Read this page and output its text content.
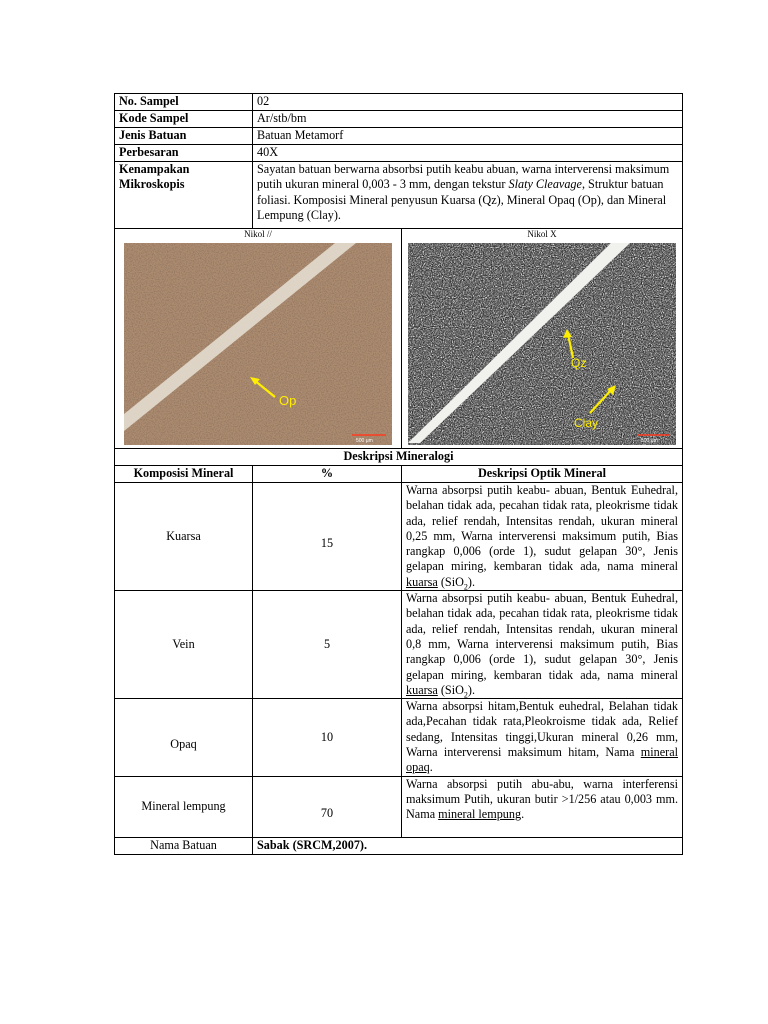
No. Sampel	02	
Kode Sampel	Ar/stb/bm	
Jenis Batuan	Batuan Metamorf	
Perbesaran	40X	

Kenampakan
Mikroskopis	Sayatan batuan berwarna absorbsi putih keabu abuan, warna interverensi maksimum putih ukuran mineral 0,003 - 3 mm, dengan tekstur Slaty Cleavage, Struktur batuan foliasi. Komposisi Mineral penyusun Kuarsa (Qz), Mineral Opaq (Op), dan Mineral Lempung (Clay).	

Nikol //
Op
500 μm		Nikol X
Qz
Clay
500 μm

Deskripsi Mineralogi		
Komposisi Mineral	%	Deskripsi Optik Mineral
Kuarsa	15	Warna absorpsi putih keabu- abuan, Bentuk Euhedral, belahan tidak ada, pecahan tidak rata, pleokrisme tidak ada, relief rendah, Intensitas rendah, ukuran mineral 0,25 mm, Warna interverensi maksimum putih, Bias rangkap 0,006 (orde 1), sudut gelapan 30°, Jenis gelapan miring, kembaran tidak ada, nama mineral kuarsa (SiO$_2$).
Vein	5	Warna absorpsi putih keabu- abuan, Bentuk Euhedral, belahan tidak ada, pecahan tidak rata, pleokrisme tidak ada, relief rendah, Intensitas rendah, ukuran mineral 0,8 mm, Warna interverensi maksimum putih, Bias rangkap 0,006 (orde 1), sudut gelapan 30°, Jenis gelapan miring, kembaran tidak ada, nama mineral kuarsa (SiO$_2$).
Opaq	10	Warna absorpsi hitam,Bentuk euhedral, Belahan tidak ada,Pecahan tidak rata,Pleokroisme tidak ada, Relief sedang, Intensitas tinggi,Ukuran mineral 0,26 mm, Warna interverensi maksimum hitam, Nama mineral opaq.
Mineral lempung	70	Warna absorpsi putih abu-abu, warna interferensi maksimum Putih, ukuran butir >1/256 atau 0,003 mm. Nama mineral lempung.
Nama Batuan	Sabak (SRCM,2007).	
